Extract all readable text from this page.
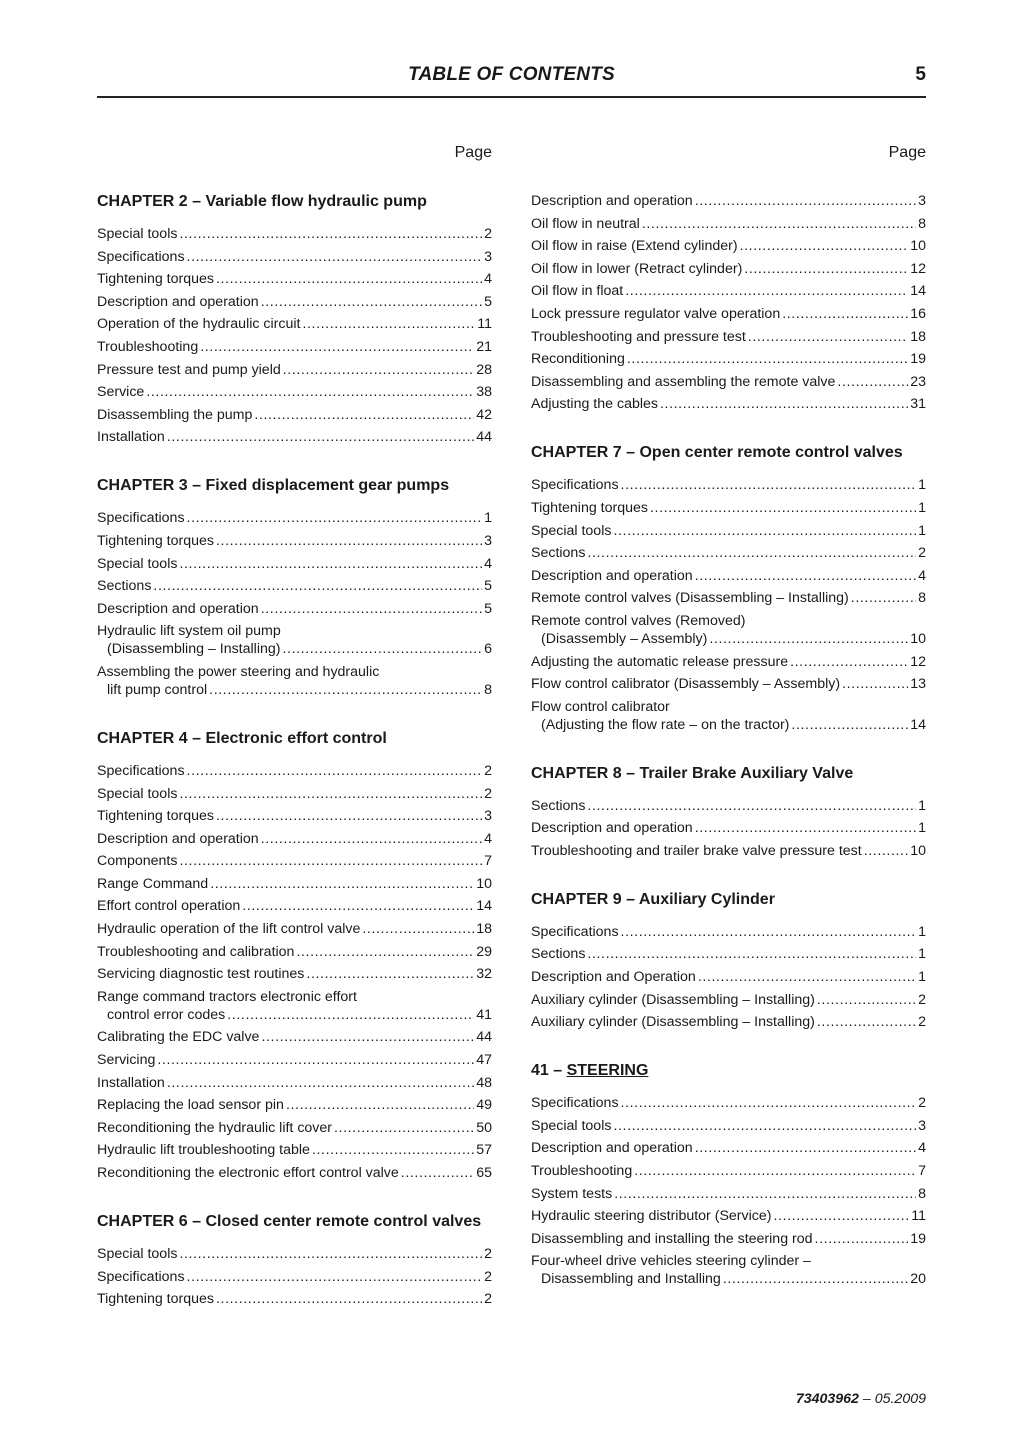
TABLE OF CONTENTS	5
Page
CHAPTER 2 – Variable flow hydraulic pump
Special tools .....	2
Specifications .....	3
Tightening torques .....	4
Description and operation .....	5
Operation of the hydraulic circuit .....	11
Troubleshooting .....	21
Pressure test and pump yield .....	28
Service .....	38
Disassembling the pump .....	42
Installation .....	44
CHAPTER 3 – Fixed displacement gear pumps
Specifications .....	1
Tightening torques .....	3
Special tools .....	4
Sections .....	5
Description and operation .....	5
Hydraulic lift system oil pump
(Disassembling – Installing) .....	6
Assembling the power steering and hydraulic
lift pump control .....	8
CHAPTER 4 – Electronic effort control
Specifications .....	2
Special tools .....	2
Tightening torques .....	3
Description and operation .....	4
Components .....	7
Range Command .....	10
Effort control operation .....	14
Hydraulic operation of the lift control valve .....	18
Troubleshooting and calibration .....	29
Servicing diagnostic test routines .....	32
Range command tractors electronic effort
control error codes .....	41
Calibrating the EDC valve .....	44
Servicing .....	47
Installation .....	48
Replacing the load sensor pin .....	49
Reconditioning the hydraulic lift cover .....	50
Hydraulic lift troubleshooting table .....	57
Reconditioning the electronic effort control valve .....	65
CHAPTER 6 – Closed center remote control valves
Special tools .....	2
Specifications .....	2
Tightening torques .....	2
Page
Description and operation .....	3
Oil flow in neutral .....	8
Oil flow in raise (Extend cylinder) .....	10
Oil flow in lower (Retract cylinder) .....	12
Oil flow in float .....	14
Lock pressure regulator valve operation .....	16
Troubleshooting and pressure test .....	18
Reconditioning .....	19
Disassembling and assembling the remote valve .....	23
Adjusting the cables .....	31
CHAPTER 7 – Open center remote control valves
Specifications .....	1
Tightening torques .....	1
Special tools .....	1
Sections .....	2
Description and operation .....	4
Remote control valves (Disassembling – Installing) .....	8
Remote control valves (Removed)
(Disassembly – Assembly) .....	10
Adjusting the automatic release pressure .....	12
Flow control calibrator (Disassembly – Assembly) .....	13
Flow control calibrator
(Adjusting the flow rate – on the tractor) .....	14
CHAPTER 8 – Trailer Brake Auxiliary Valve
Sections .....	1
Description and operation .....	1
Troubleshooting and trailer brake valve pressure test .....	10
CHAPTER 9 – Auxiliary Cylinder
Specifications .....	1
Sections .....	1
Description and Operation .....	1
Auxiliary cylinder (Disassembling – Installing) .....	2
Auxiliary cylinder (Disassembling – Installing) .....	2
41 – STEERING
Specifications .....	2
Special tools .....	3
Description and operation .....	4
Troubleshooting .....	7
System tests .....	8
Hydraulic steering distributor (Service) .....	11
Disassembling and installing the steering rod .....	19
Four-wheel drive vehicles steering cylinder –
Disassembling and Installing .....	20
73403962 – 05.2009
